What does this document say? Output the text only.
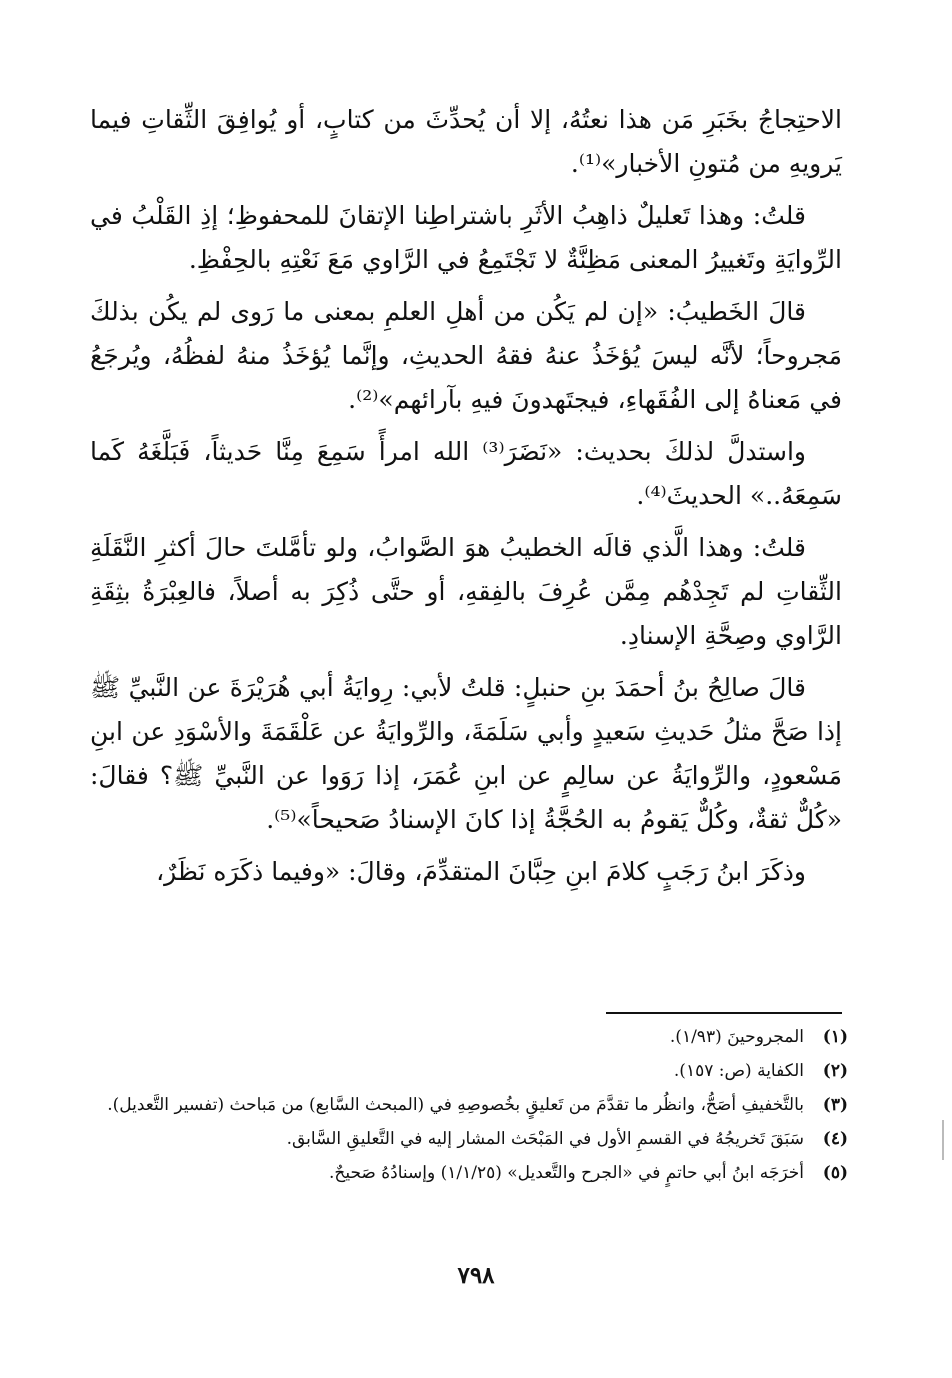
الاحتِجاجُ بخَبَرِ مَن هذا نعتُهُ، إلا أن يُحدِّثَ من كتابٍ، أو يُوافِقَ الثِّقاتِ فيما يَرويهِ من مُتونِ الأخبار»⁽¹⁾.

قلتُ: وهذا تَعليلٌ ذاهِبُ الأثَرِ باشتراطِنا الإتقانَ للمحفوظِ؛ إذِ القَلْبُ في الرِّوايَةِ وتَغييرُ المعنى مَظِنَّةٌ لا تَجْتَمِعُ في الرَّاوي مَعَ نَعْتِهِ بالحِفْظِ.

قالَ الخَطيبُ: «إن لم يَكُن من أهلِ العلمِ بمعنى ما رَوى لم يكُن بذلكَ مَجروحاً؛ لأنَّه ليسَ يُؤخَذُ عنهُ فقهُ الحديثِ، وإنَّما يُؤخَذُ منهُ لفظُهُ، ويُرجَعُ في مَعناهُ إلى الفُقَهاءِ، فيجتَهدونَ فيهِ بآرائهم»⁽²⁾.

واستدلَّ لذلكَ بحديث: «نَضَرَ⁽³⁾ الله امرأً سَمِعَ مِنَّا حَديثاً، فَبَلَّغَهُ كَما سَمِعَهُ..» الحديثَ⁽⁴⁾.

قلتُ: وهذا الَّذي قالَه الخطيبُ هوَ الصَّوابُ، ولو تأمَّلتَ حالَ أكثرِ النَّقَلَةِ الثِّقاتِ لم تَجِدْهُم مِمَّن عُرِفَ بالفِقهِ، أو حتَّى ذُكِرَ به أصلاً، فالعِبْرَةُ بثِقَةِ الرَّاوي وصِحَّةِ الإسنادِ.

قالَ صالِحُ بنُ أحمَدَ بنِ حنبلٍ: قلتُ لأبي: رِوايَةُ أبي هُرَيْرَةَ عن النَّبيِّ ﷺ إذا صَحَّ مثلُ حَديثِ سَعيدٍ وأبي سَلَمَةَ، والرِّوايَةُ عن عَلْقَمَةَ والأسْوَدِ عن ابنِ مَسْعودٍ، والرِّوايَةُ عن سالِمٍ عن ابنِ عُمَرَ، إذا رَوَوا عن النَّبيِّ ﷺ؟ فقالَ: «كُلٌّ ثقةٌ، وكُلٌّ يَقومُ به الحُجَّةُ إذا كانَ الإسنادُ صَحيحاً»⁽⁵⁾.

وذكَرَ ابنُ رَجَبٍ كلامَ ابنِ حِبَّانَ المتقدِّمَ، وقالَ: «وفيما ذكَرَه نَظَرٌ،

(١)
المجروحينَ (١/٩٣).
(٢)
الكفاية (ص: ١٥٧).
(٣)
بالتَّخفيفِ أصَحُّ، وانظُر ما تقدَّمَ من تَعليقٍ بخُصوصِهِ في (المبحث السَّابع) من مَباحث (تفسير التَّعديل).
(٤)
سَبَقَ تَخريجُهُ في القسمِ الأول في المَبْحَث المشار إليه في التَّعليقِ السَّابق.
(٥)
أخرَجَه ابنُ أبي حاتمٍ في «الجرح والتَّعديل» (١/١/٢٥) وإسنادُهُ صَحيحٌ.
٧٩٨
